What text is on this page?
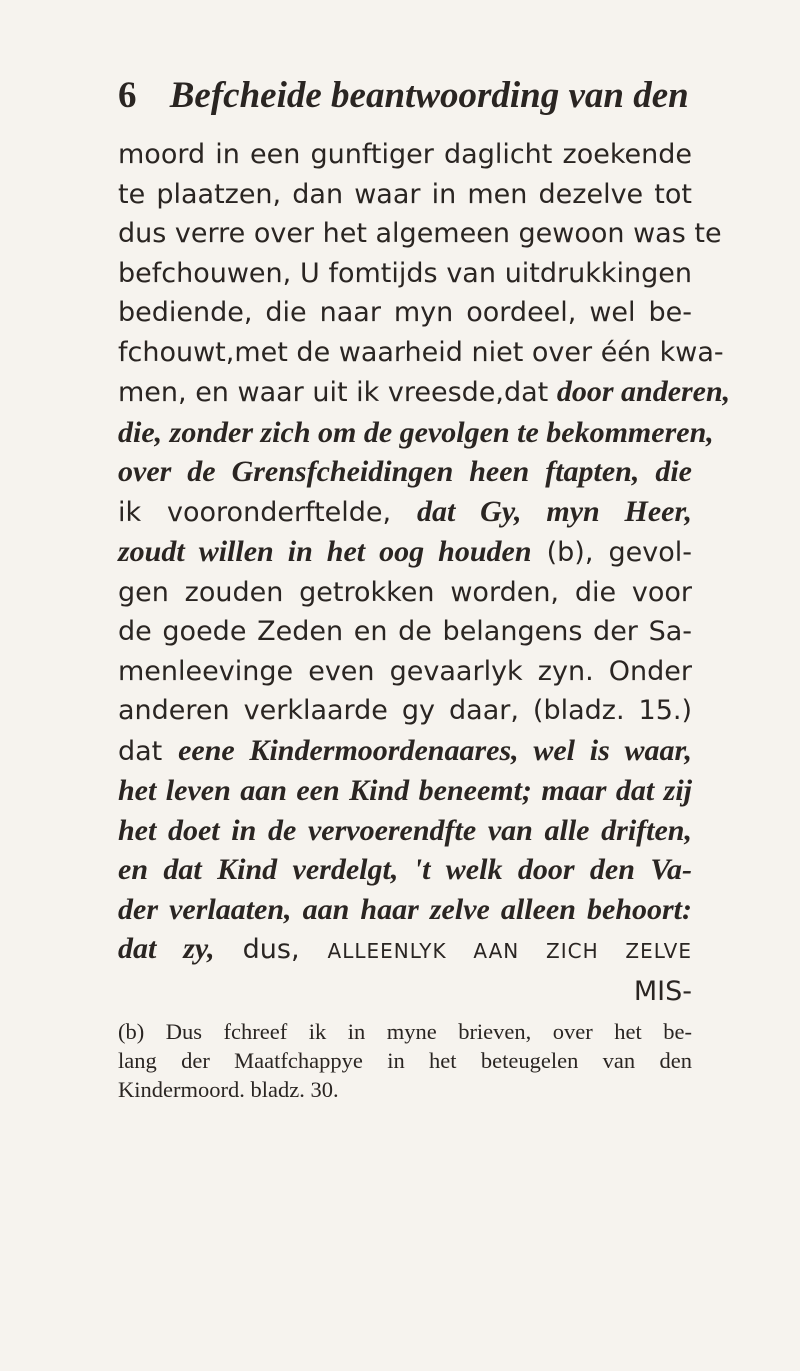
6 Befcheide beantwoording van den
moord in een gunftiger daglicht zoekende
te plaatzen, dan waar in men dezelve tot
dus verre over het algemeen gewoon was te
befchouwen, U fomtijds van uitdrukkingen
bediende, die naar myn oordeel, wel be-
fchouwt,met de waarheid niet over één kwa-
men, en waar uit ik vreesde,dat door anderen,
die, zonder zich om de gevolgen te bekommeren,
over de Grensfcheidingen heen ftapten, die
ik vooronderftelde, dat Gy, myn Heer,
zoudt willen in het oog houden (b), gevol-
gen zouden getrokken worden, die voor
de goede Zeden en de belangens der Sa-
menleevinge even gevaarlyk zyn. Onder
anderen verklaarde gy daar, (bladz. 15.)
dat eene Kindermoordenaares, wel is waar,
het leven aan een Kind beneemt; maar dat zij
het doet in de vervoerendfte van alle driften,
en dat Kind verdelgt, 't welk door den Va-
der verlaaten, aan haar zelve alleen behoort:
dat zy, dus, ALLEENLYK AAN ZICH ZELVE
MIS-
(b) Dus fchreef ik in myne brieven, over het be-
lang der Maatfchappye in het beteugelen van den
Kindermoord. bladz. 30.
